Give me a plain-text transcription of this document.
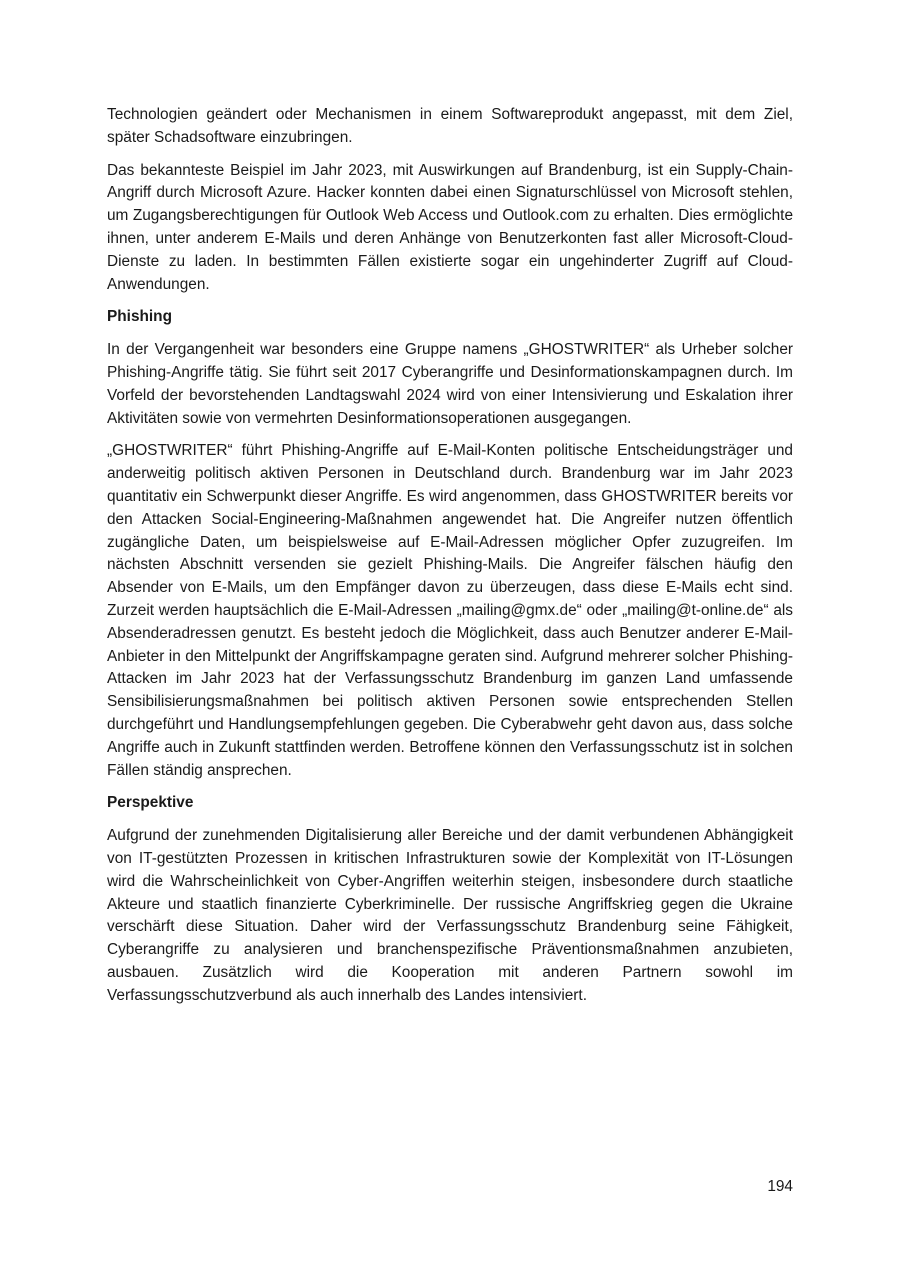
Technologien geändert oder Mechanismen in einem Softwareprodukt angepasst, mit dem Ziel, später Schadsoftware einzubringen.

Das bekannteste Beispiel im Jahr 2023, mit Auswirkungen auf Brandenburg, ist ein Supply-Chain-Angriff durch Microsoft Azure. Hacker konnten dabei einen Signaturschlüssel von Microsoft stehlen, um Zugangsberechtigungen für Outlook Web Access und Outlook.com zu erhalten. Dies ermöglichte ihnen, unter anderem E-Mails und deren Anhänge von Benutzerkonten fast aller Microsoft-Cloud-Dienste zu laden. In bestimmten Fällen existierte sogar ein ungehinderter Zugriff auf Cloud-Anwendungen.

Phishing

In der Vergangenheit war besonders eine Gruppe namens „GHOSTWRITER“ als Urheber solcher Phishing-Angriffe tätig. Sie führt seit 2017 Cyberangriffe und Desinformationskampagnen durch. Im Vorfeld der bevorstehenden Landtagswahl 2024 wird von einer Intensivierung und Eskalation ihrer Aktivitäten sowie von vermehrten Desinformationsoperationen ausgegangen.

„GHOSTWRITER“ führt Phishing-Angriffe auf E-Mail-Konten politische Entscheidungsträger und anderweitig politisch aktiven Personen in Deutschland durch. Brandenburg war im Jahr 2023 quantitativ ein Schwerpunkt dieser Angriffe. Es wird angenommen, dass GHOSTWRITER bereits vor den Attacken Social-Engineering-Maßnahmen angewendet hat. Die Angreifer nutzen öffentlich zugängliche Daten, um beispielsweise auf E-Mail-Adressen möglicher Opfer zuzugreifen. Im nächsten Abschnitt versenden sie gezielt Phishing-Mails. Die Angreifer fälschen häufig den Absender von E-Mails, um den Empfänger davon zu überzeugen, dass diese E-Mails echt sind. Zurzeit werden hauptsächlich die E-Mail-Adressen „mailing@gmx.de“ oder „mailing@t-online.de“ als Absenderadressen genutzt. Es besteht jedoch die Möglichkeit, dass auch Benutzer anderer E-Mail-Anbieter in den Mittelpunkt der Angriffskampagne geraten sind. Aufgrund mehrerer solcher Phishing-Attacken im Jahr 2023 hat der Verfassungsschutz Brandenburg im ganzen Land umfassende Sensibilisierungsmaßnahmen bei politisch aktiven Personen sowie entsprechenden Stellen durchgeführt und Handlungsempfehlungen gegeben. Die Cyberabwehr geht davon aus, dass solche Angriffe auch in Zukunft stattfinden werden. Betroffene können den Verfassungsschutz ist in solchen Fällen ständig ansprechen.

Perspektive

Aufgrund der zunehmenden Digitalisierung aller Bereiche und der damit verbundenen Abhängigkeit von IT-gestützten Prozessen in kritischen Infrastrukturen sowie der Komplexität von IT-Lösungen wird die Wahrscheinlichkeit von Cyber-Angriffen weiterhin steigen, insbesondere durch staatliche Akteure und staatlich finanzierte Cyberkriminelle. Der russische Angriffskrieg gegen die Ukraine verschärft diese Situation. Daher wird der Verfassungsschutz Brandenburg seine Fähigkeit, Cyberangriffe zu analysieren und branchenspezifische Präventionsmaßnahmen anzubieten, ausbauen. Zusätzlich wird die Kooperation mit anderen Partnern sowohl im Verfassungsschutzverbund als auch innerhalb des Landes intensiviert.

194
